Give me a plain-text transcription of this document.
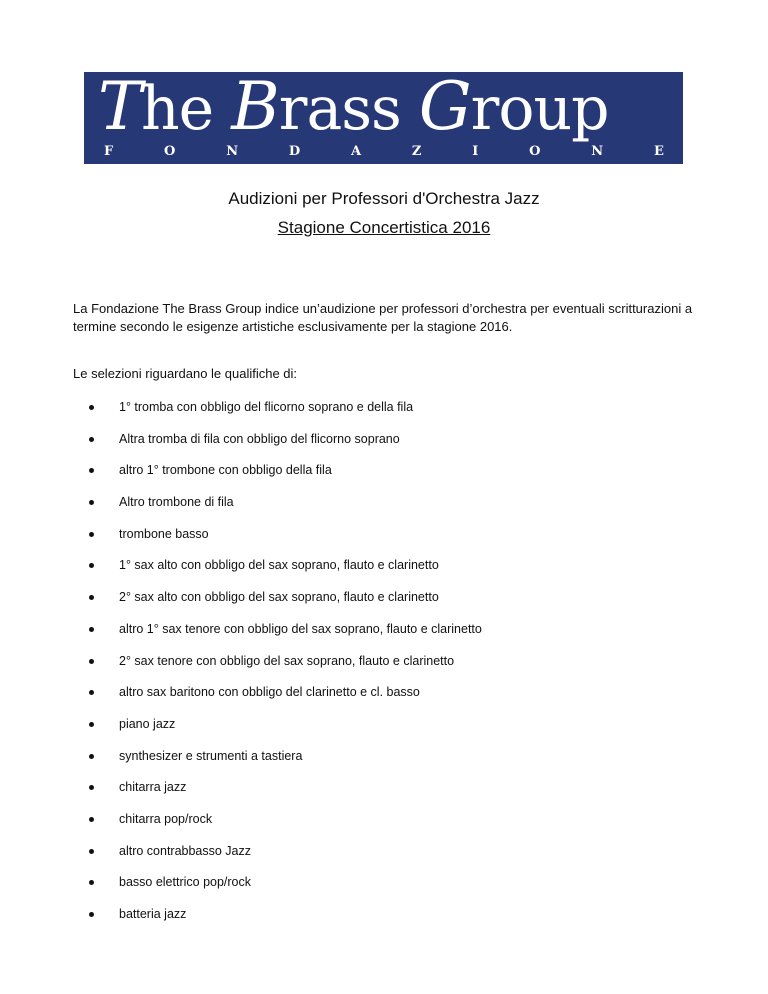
The Brass Group
F	O	N	D	A	Z	I	O	N	E
Audizioni per Professori d'Orchestra Jazz
Stagione Concertistica 2016

La Fondazione The Brass Group indice un’audizione per professori d’orchestra per eventuali scritturazioni a termine secondo le esigenze artistiche esclusivamente per la stagione 2016.

Le selezioni riguardano le qualifiche di:

1° tromba con obbligo del flicorno soprano e della fila
Altra tromba di fila con obbligo del flicorno soprano
altro 1° trombone con obbligo della fila
Altro trombone di fila
trombone basso
1° sax alto con obbligo del sax soprano, flauto e clarinetto
2° sax alto con obbligo del sax soprano, flauto e clarinetto
altro 1° sax tenore con obbligo del sax soprano, flauto e clarinetto
2° sax tenore con obbligo del sax soprano, flauto e clarinetto
altro sax baritono con obbligo del clarinetto e cl. basso
piano jazz
synthesizer e strumenti a tastiera
chitarra jazz
chitarra pop/rock
altro contrabbasso Jazz
basso elettrico pop/rock
batteria jazz
